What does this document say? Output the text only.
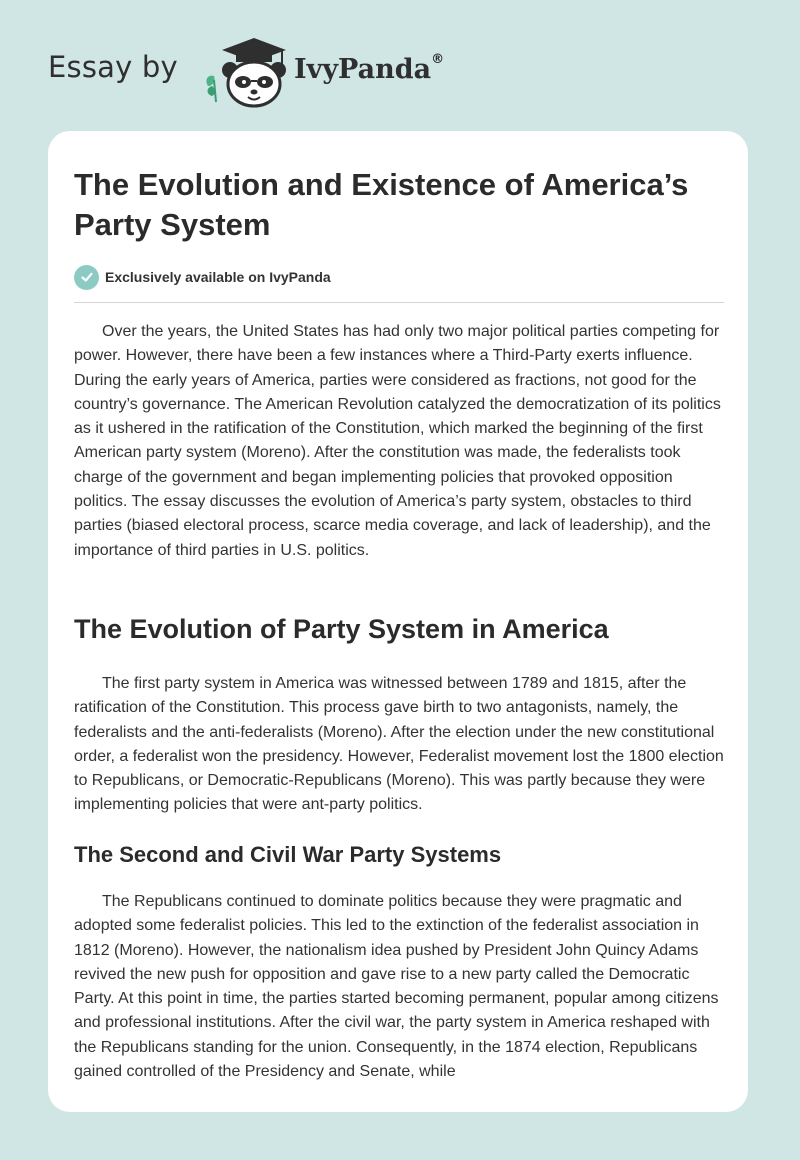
Essay by	IvyPanda®
The Evolution and Existence of America’s Party System
Exclusively available on IvyPanda

Over the years, the United States has had only two major political parties competing for power. However, there have been a few instances where a Third-Party exerts influence. During the early years of America, parties were considered as fractions, not good for the country’s governance. The American Revolution catalyzed the democratization of its politics as it ushered in the ratification of the Constitution, which marked the beginning of the first American party system (Moreno). After the constitution was made, the federalists took charge of the government and began implementing policies that provoked opposition politics. The essay discusses the evolution of America’s party system, obstacles to third parties (biased electoral process, scarce media coverage, and lack of leadership), and the importance of third parties in U.S. politics.

The Evolution of Party System in America

The first party system in America was witnessed between 1789 and 1815, after the ratification of the Constitution. This process gave birth to two antagonists, namely, the federalists and the anti-federalists (Moreno). After the election under the new constitutional order, a federalist won the presidency. However, Federalist movement lost the 1800 election to Republicans, or Democratic-Republicans (Moreno). This was partly because they were implementing policies that were ant-party politics.

The Second and Civil War Party Systems

The Republicans continued to dominate politics because they were pragmatic and adopted some federalist policies. This led to the extinction of the federalist association in 1812 (Moreno). However, the nationalism idea pushed by President John Quincy Adams revived the new push for opposition and gave rise to a new party called the Democratic Party. At this point in time, the parties started becoming permanent, popular among citizens and professional institutions. After the civil war, the party system in America reshaped with the Republicans standing for the union. Consequently, in the 1874 election, Republicans gained controlled of the Presidency and Senate, while
